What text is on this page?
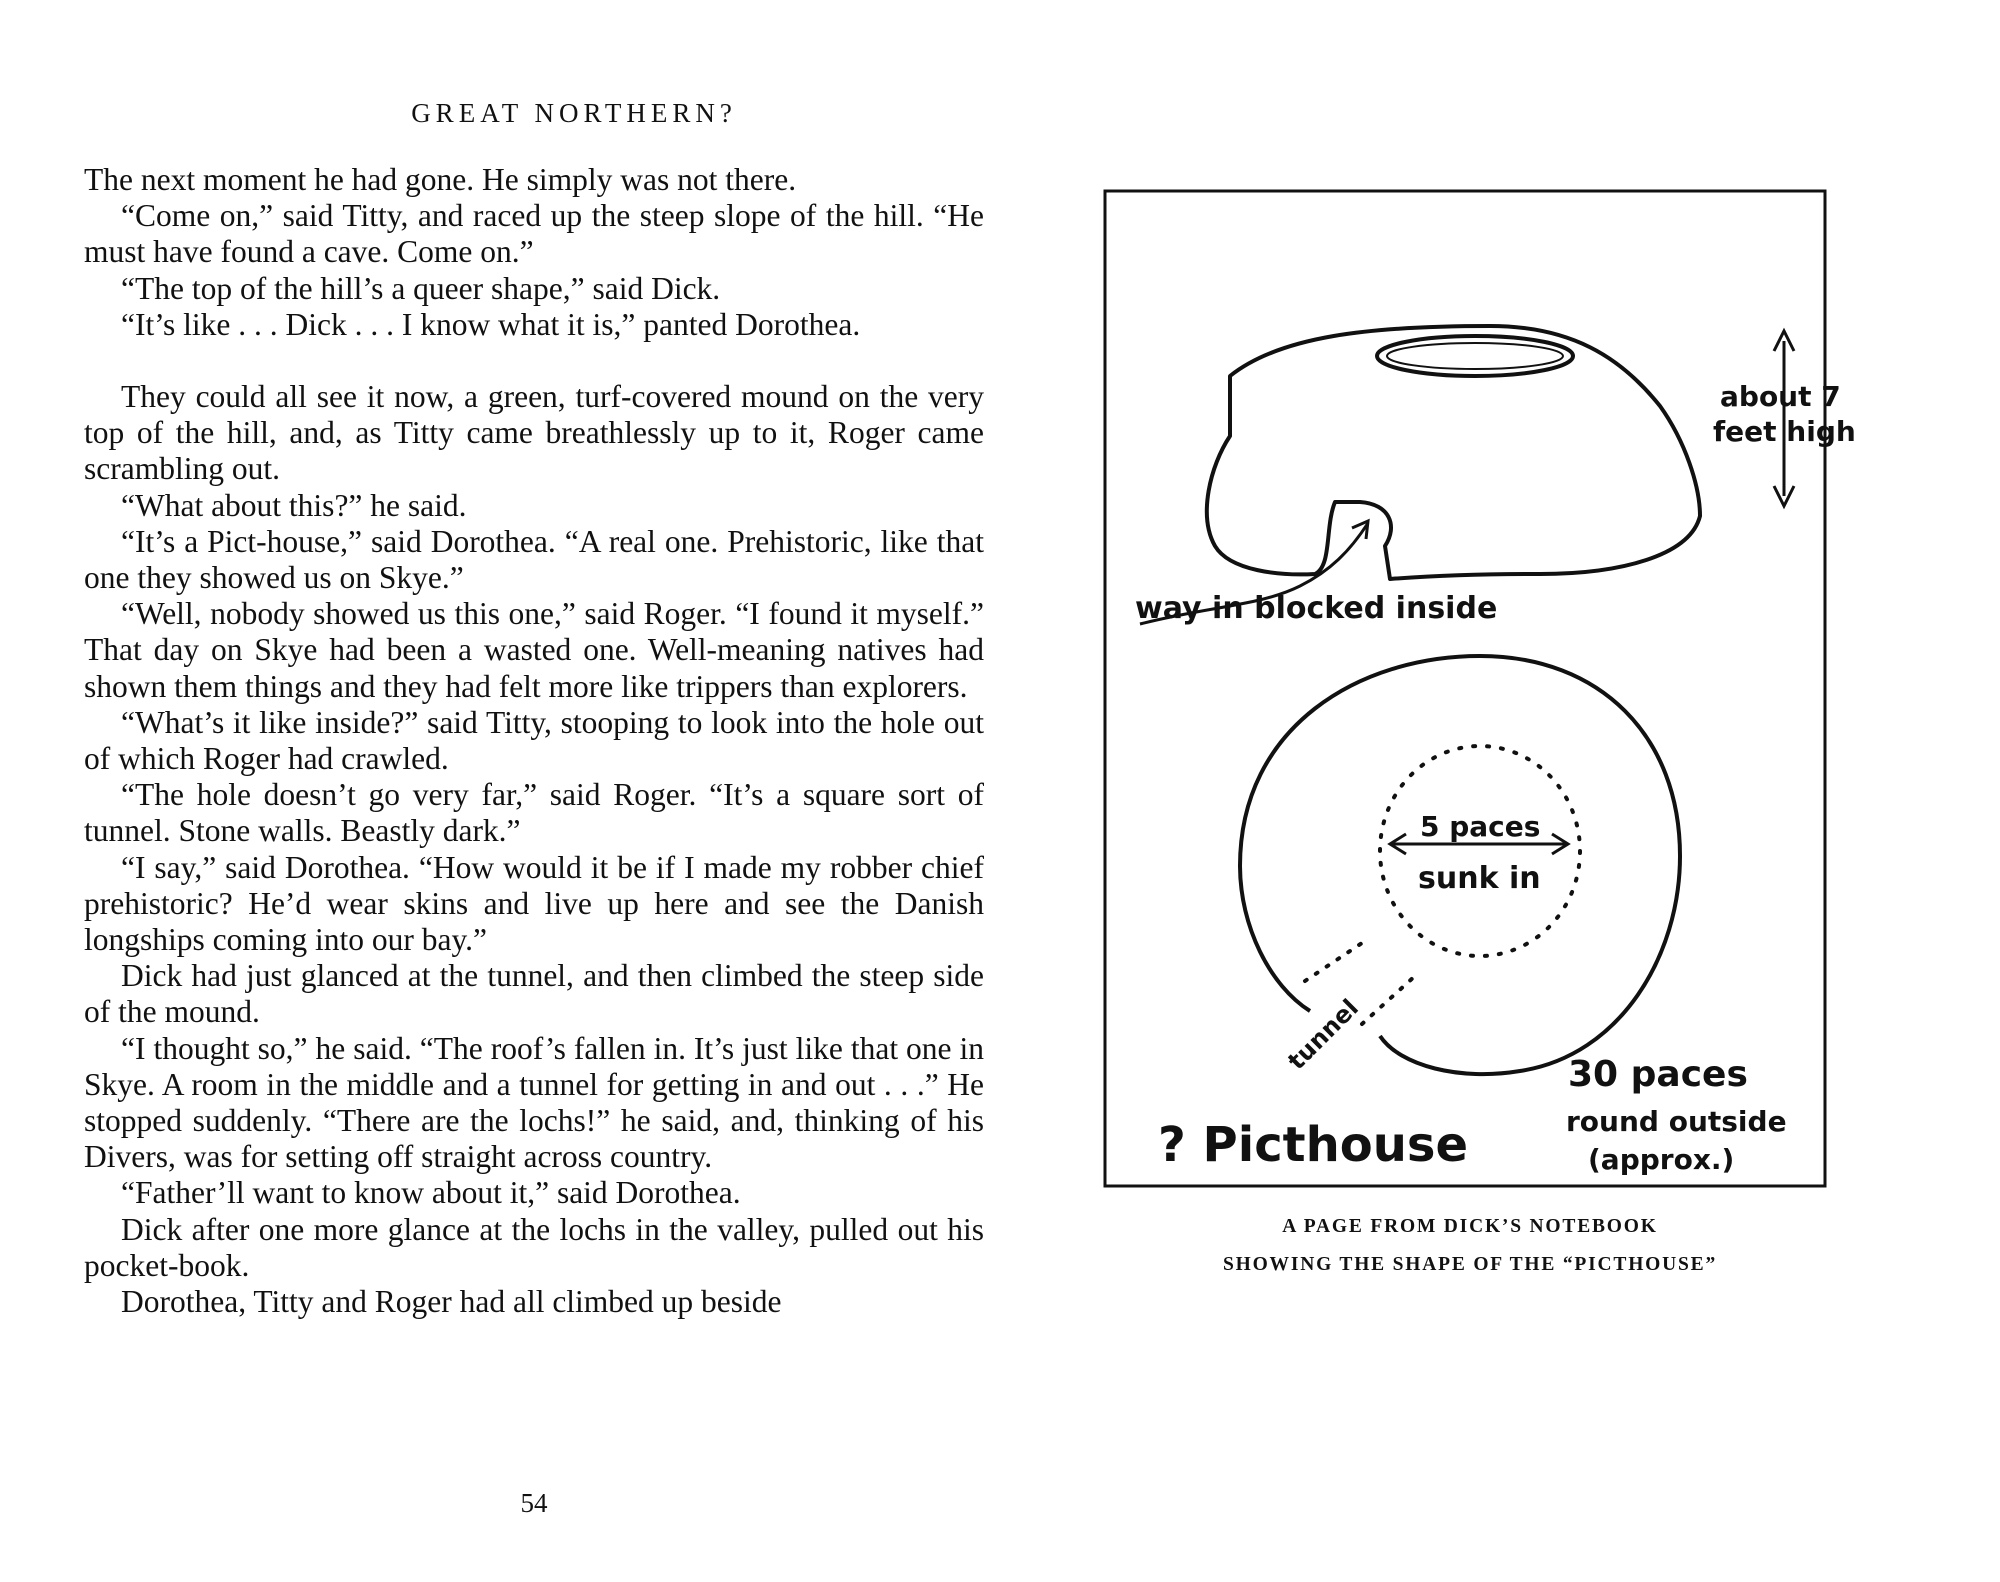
GREAT NORTHERN?

The next moment he had gone. He simply was not there.

“Come on,” said Titty, and raced up the steep slope of the hill. “He must have found a cave. Come on.”

“The top of the hill’s a queer shape,” said Dick.

“It’s like . . . Dick . . . I know what it is,” panted Dorothea.

They could all see it now, a green, turf-covered mound on the very top of the hill, and, as Titty came breathlessly up to it, Roger came scrambling out.

“What about this?” he said.

“It’s a Pict-house,” said Dorothea. “A real one. Prehistoric, like that one they showed us on Skye.”

“Well, nobody showed us this one,” said Roger. “I found it myself.” That day on Skye had been a wasted one. Well-meaning natives had shown them things and they had felt more like trippers than explorers.

“What’s it like inside?” said Titty, stooping to look into the hole out of which Roger had crawled.

“The hole doesn’t go very far,” said Roger. “It’s a square sort of tunnel. Stone walls. Beastly dark.”

“I say,” said Dorothea. “How would it be if I made my robber chief prehistoric? He’d wear skins and live up here and see the Danish longships coming into our bay.”

Dick had just glanced at the tunnel, and then climbed the steep side of the mound.

“I thought so,” he said. “The roof’s fallen in. It’s just like that one in Skye. A room in the middle and a tunnel for getting in and out . . .” He stopped suddenly. “There are the lochs!” he said, and, thinking of his Divers, was for setting off straight across country.

“Father’ll want to know about it,” said Dorothea.

Dick after one more glance at the lochs in the valley, pulled out his pocket-book.

Dorothea, Titty and Roger had all climbed up beside

54
about 7
feet high
way in blocked inside
5 paces
sunk in
tunnel	30 paces
round outside
(approx.)
? Picthouse
A PAGE FROM DICK’S NOTEBOOK
SHOWING THE SHAPE OF THE “PICTHOUSE”
